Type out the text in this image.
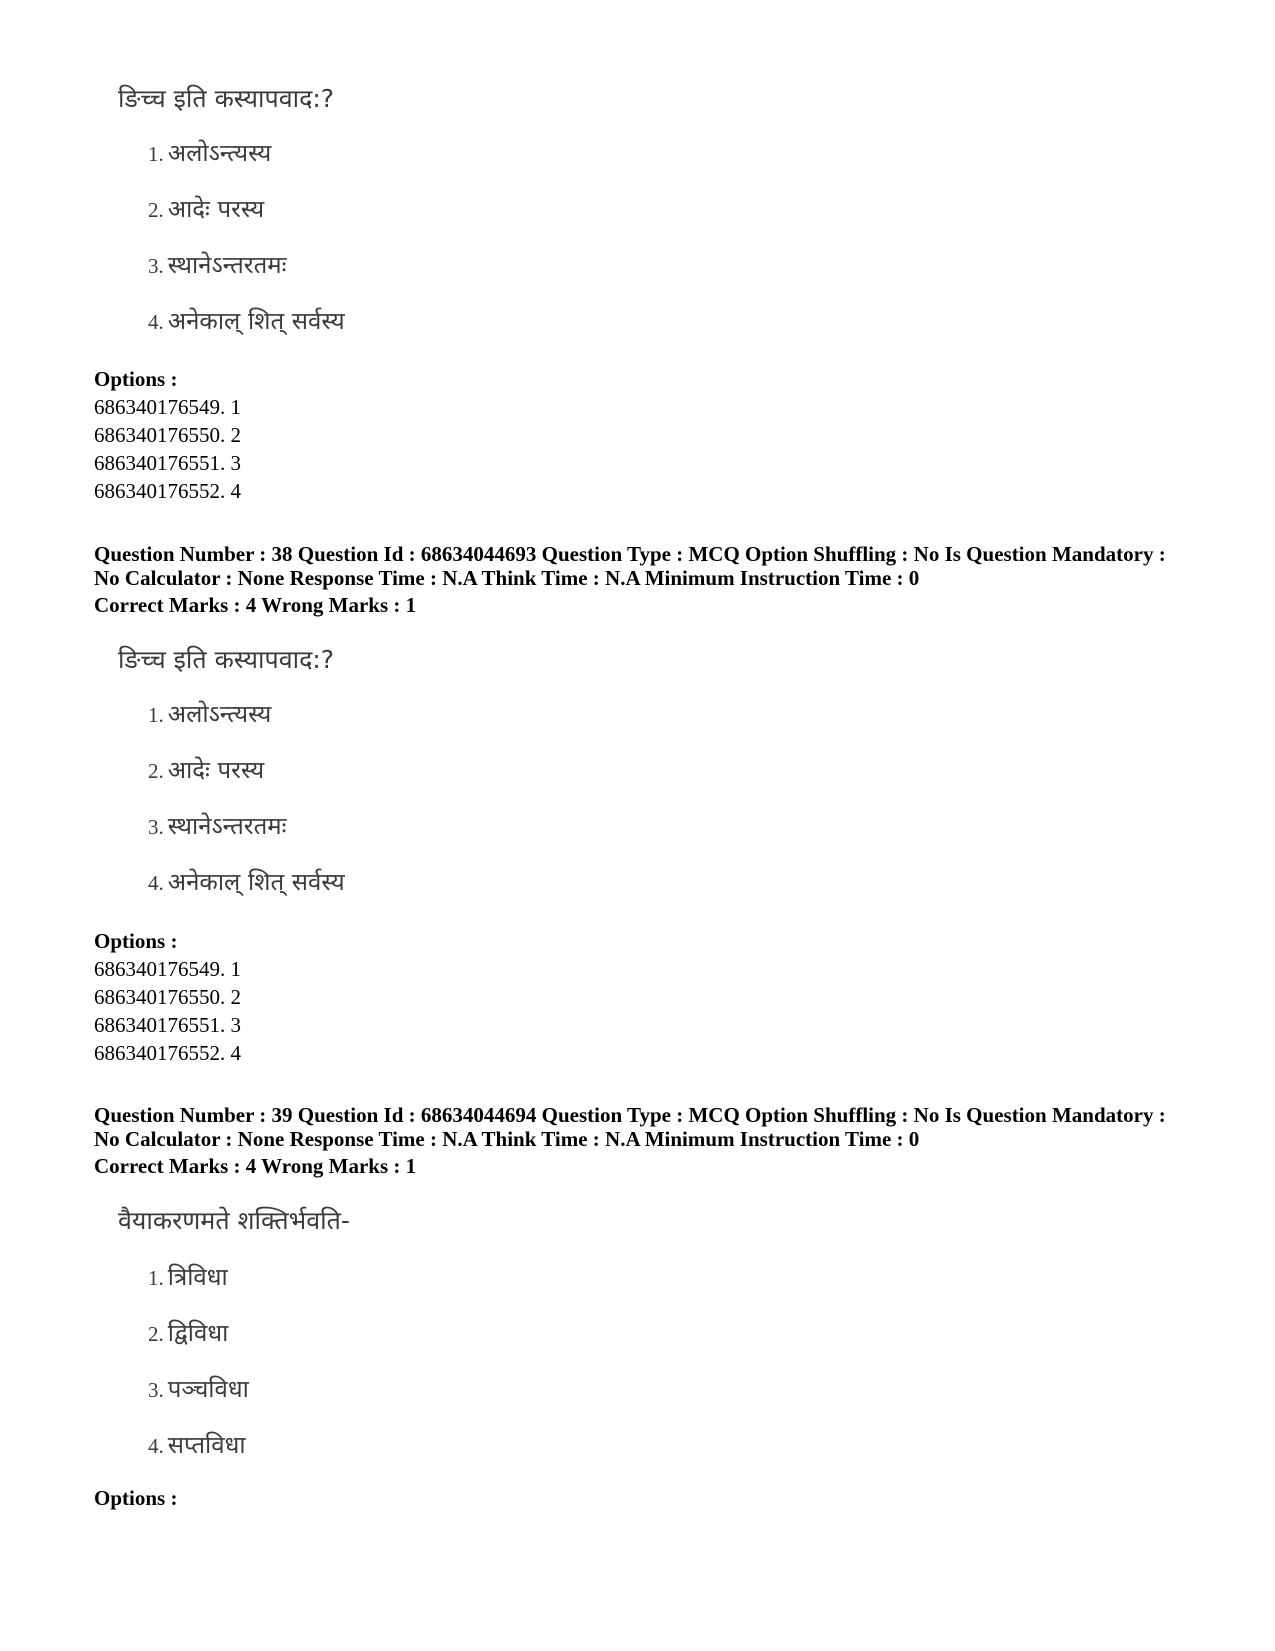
ङिच्च इति कस्यापवाद:?
1. अलोऽन्त्यस्य
2. आदेः परस्य
3. स्थानेऽन्तरतमः
4. अनेकाल् शित् सर्वस्य
Options :
686340176549. 1
686340176550. 2
686340176551. 3
686340176552. 4
Question Number : 38 Question Id : 68634044693 Question Type : MCQ Option Shuffling : No Is Question Mandatory :
No Calculator : None Response Time : N.A Think Time : N.A Minimum Instruction Time : 0
Correct Marks : 4 Wrong Marks : 1
ङिच्च इति कस्यापवाद:?
1. अलोऽन्त्यस्य
2. आदेः परस्य
3. स्थानेऽन्तरतमः
4. अनेकाल् शित् सर्वस्य
Options :
686340176549. 1
686340176550. 2
686340176551. 3
686340176552. 4
Question Number : 39 Question Id : 68634044694 Question Type : MCQ Option Shuffling : No Is Question Mandatory :
No Calculator : None Response Time : N.A Think Time : N.A Minimum Instruction Time : 0
Correct Marks : 4 Wrong Marks : 1
वैयाकरणमते शक्तिर्भवति-
1. त्रिविधा
2. द्विविधा
3. पञ्चविधा
4. सप्तविधा
Options :
